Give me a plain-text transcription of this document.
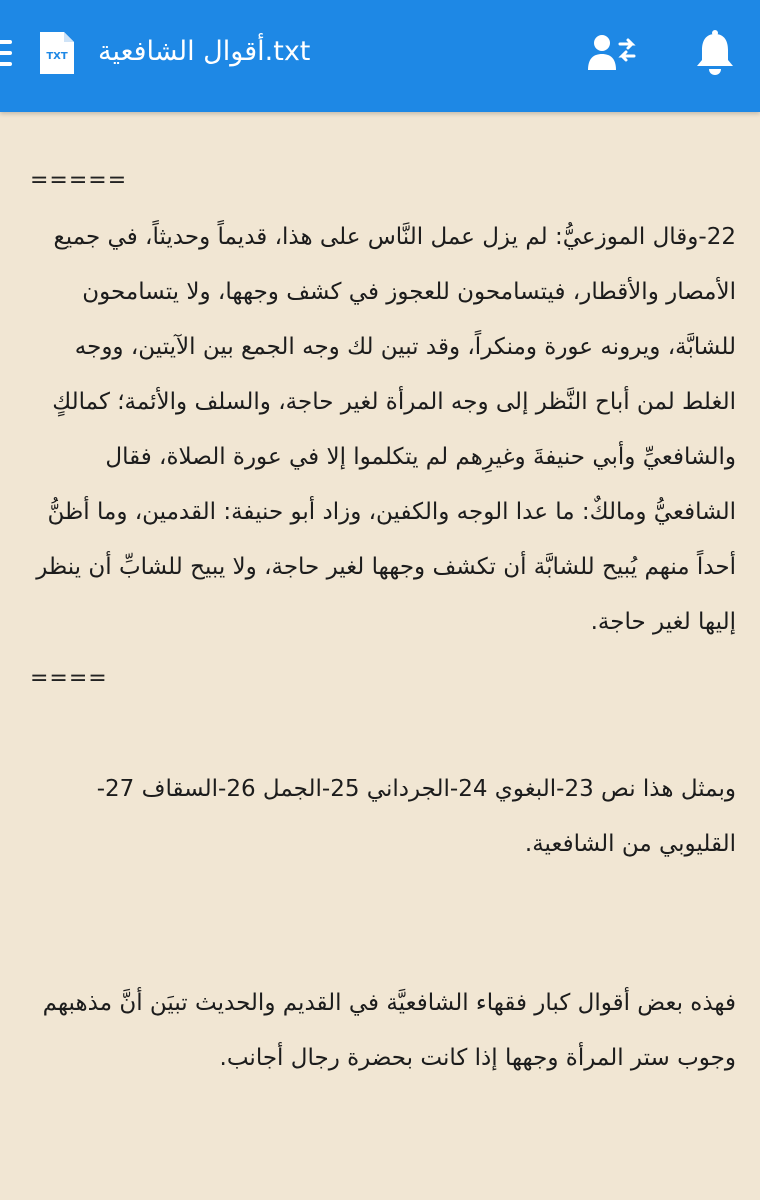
TXT أقوال الشافعية.txt

=====

22-وقال الموزعيُّ: لم يزل عمل النَّاس على هذا، قديماً وحديثاً، في جميع الأمصار والأقطار، فيتسامحون للعجوز في كشف وجهها، ولا يتسامحون للشابَّة، ويرونه عورة ومنكراً، وقد تبين لك وجه الجمع بين الآيتين، ووجه الغلط لمن أباح النَّظر إلى وجه المرأة لغير حاجة، والسلف والأئمة؛ كمالكٍ والشافعيِّ وأبي حنيفةَ وغيرِهم لم يتكلموا إلا في عورة الصلاة، فقال الشافعيُّ ومالكٌ: ما عدا الوجه والكفين، وزاد أبو حنيفة: القدمين، وما أظنُّ أحداً منهم يُبيح للشابَّة أن تكشف وجهها لغير حاجة، ولا يبيح للشابِّ أن ينظر إليها لغير حاجة.

====

وبمثل هذا نص 23-البغوي 24-الجرداني 25-الجمل 26-السقاف 27-القليوبي من الشافعية.

فهذه بعض أقوال كبار فقهاء الشافعيَّة في القديم والحديث تبيَن أنَّ مذهبهم وجوب ستر المرأة وجهها إذا كانت بحضرة رجال أجانب.
